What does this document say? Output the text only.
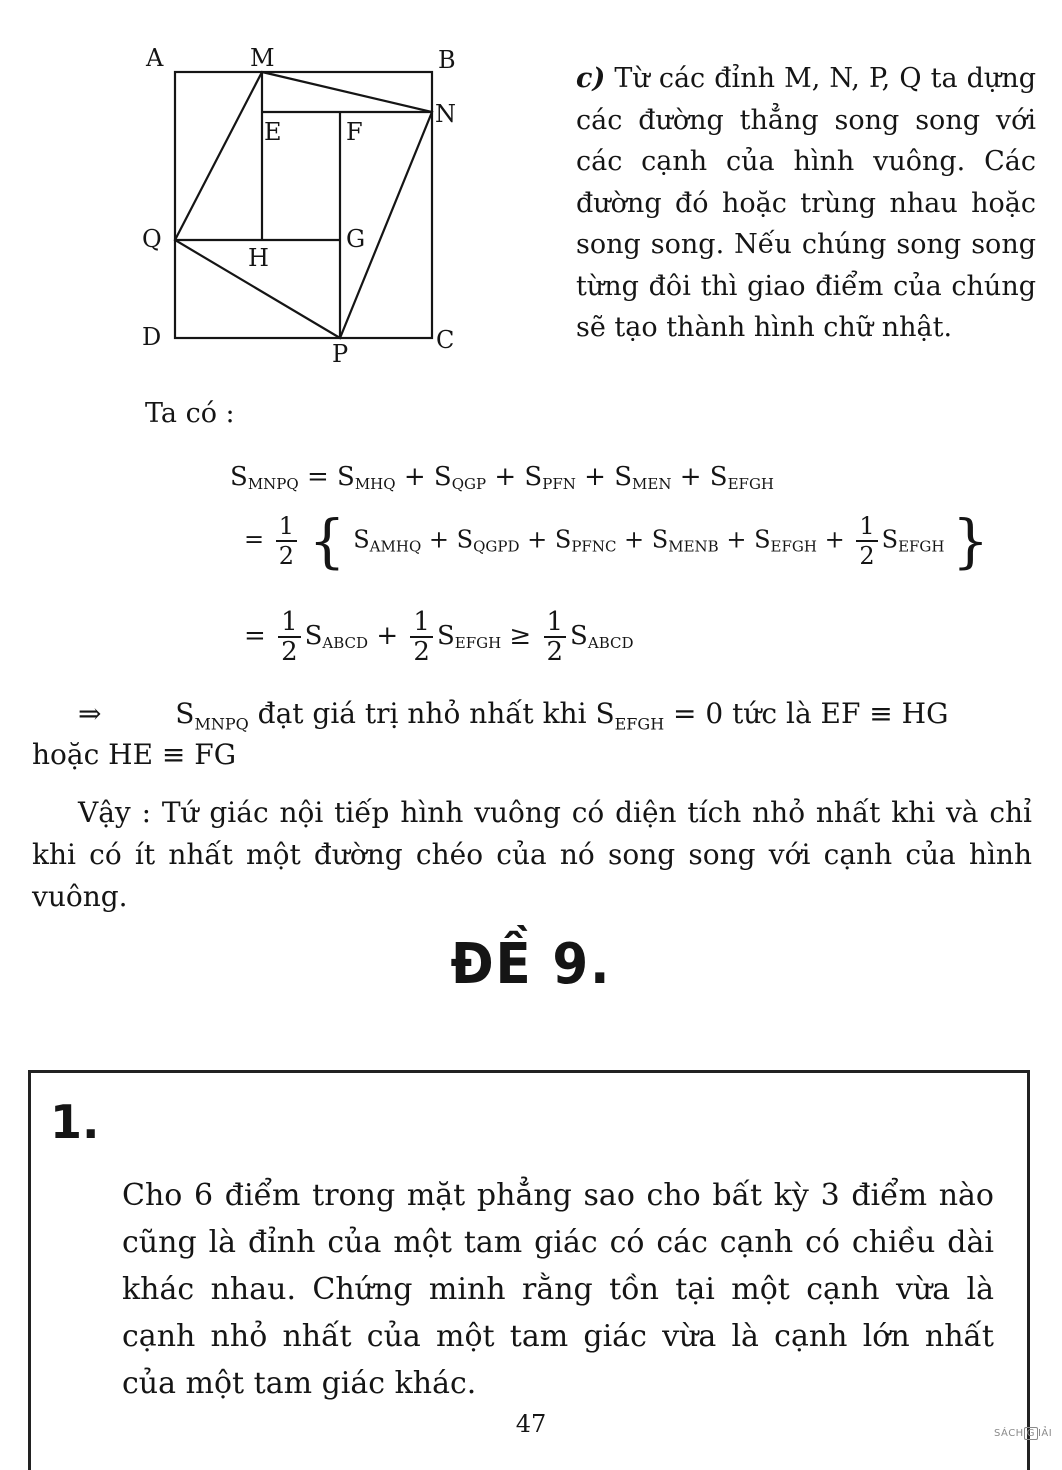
A	M	B
N
E	F
Q	G
H
D
P	C
c) Từ các đỉnh M, N, P, Q ta dựng các đường thẳng song song với các cạnh của hình vuông. Các đường đó hoặc trùng nhau hoặc song song. Nếu chúng song song từng đôi thì giao điểm của chúng sẽ tạo thành hình chữ nhật.
Ta có :
$S_{MNPQ} = S_{MHQ} + S_{QGP} + S_{PFN} + S_{MEN} + S_{EFGH}$
= $\frac{1}{2}$ { $S_{AMHQ} + S_{QGPD} + S_{PFNC} + S_{MENB} + S_{EFGH} + \frac{1}{2} S_{EFGH}$ }
= $\frac{1}{2} S_{ABCD} + \frac{1}{2} S_{EFGH} \ge \frac{1}{2} S_{ABCD}$
⇒	$S_{MNPQ}$ đạt giá trị nhỏ nhất khi $S_{EFGH} = 0$ tức là EF ≡ HG
hoặc HE ≡ FG
Vậy : Tứ giác nội tiếp hình vuông có diện tích nhỏ nhất khi và chỉ khi có ít nhất một đường chéo của nó song song với cạnh của hình vuông.
ĐỀ 9.
1.
Cho 6 điểm trong mặt phẳng sao cho bất kỳ 3 điểm nào cũng là đỉnh của một tam giác có các cạnh có chiều dài khác nhau. Chứng minh rằng tồn tại một cạnh vừa là cạnh nhỏ nhất của một tam giác vừa là cạnh lớn nhất của một tam giác khác.
47	SÁCH G IẢI
